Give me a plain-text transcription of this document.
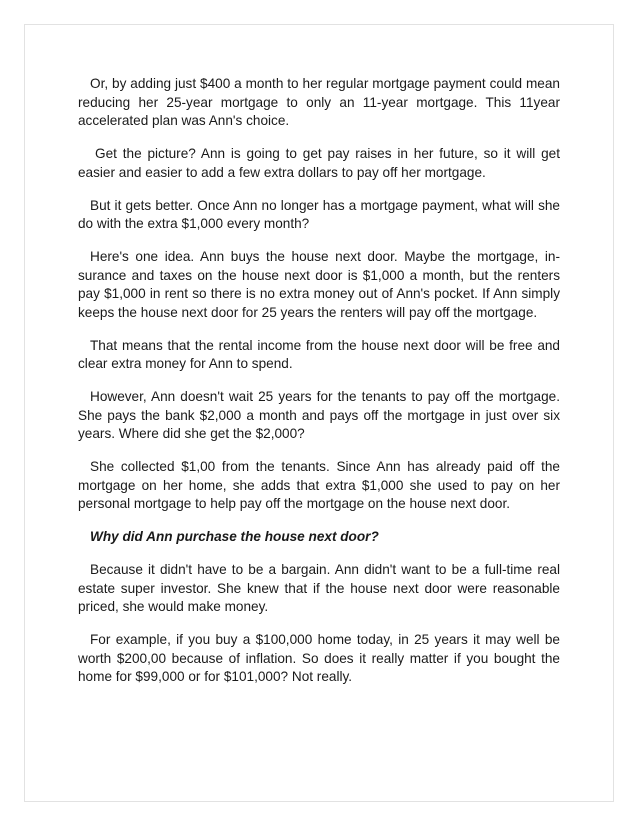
Or, by adding just $400 a month to her regular mortgage payment could mean reducing her 25-year mortgage to only an 11-year mortgage. This 11year accelerated plan was Ann's choice.

Get the picture? Ann is going to get pay raises in her future, so it will get easier and easier to add a few extra dollars to pay off her mortgage.

But it gets better. Once Ann no longer has a mortgage payment, what will she do with the extra $1,000 every month?

Here's one idea. Ann buys the house next door. Maybe the mortgage, insurance and taxes on the house next door is $1,000 a month, but the renters pay $1,000 in rent so there is no extra money out of Ann's pocket. If Ann simply keeps the house next door for 25 years the renters will pay off the mortgage.

That means that the rental income from the house next door will be free and clear extra money for Ann to spend.

However, Ann doesn't wait 25 years for the tenants to pay off the mortgage. She pays the bank $2,000 a month and pays off the mortgage in just over six years. Where did she get the $2,000?

She collected $1,00 from the tenants. Since Ann has already paid off the mortgage on her home, she adds that extra $1,000 she used to pay on her personal mortgage to help pay off the mortgage on the house next door.

Why did Ann purchase the house next door?

Because it didn't have to be a bargain. Ann didn't want to be a full-time real estate super investor. She knew that if the house next door were reasonable priced, she would make money.

For example, if you buy a $100,000 home today, in 25 years it may well be worth $200,00 because of inflation. So does it really matter if you bought the home for $99,000 or for $101,000? Not really.
